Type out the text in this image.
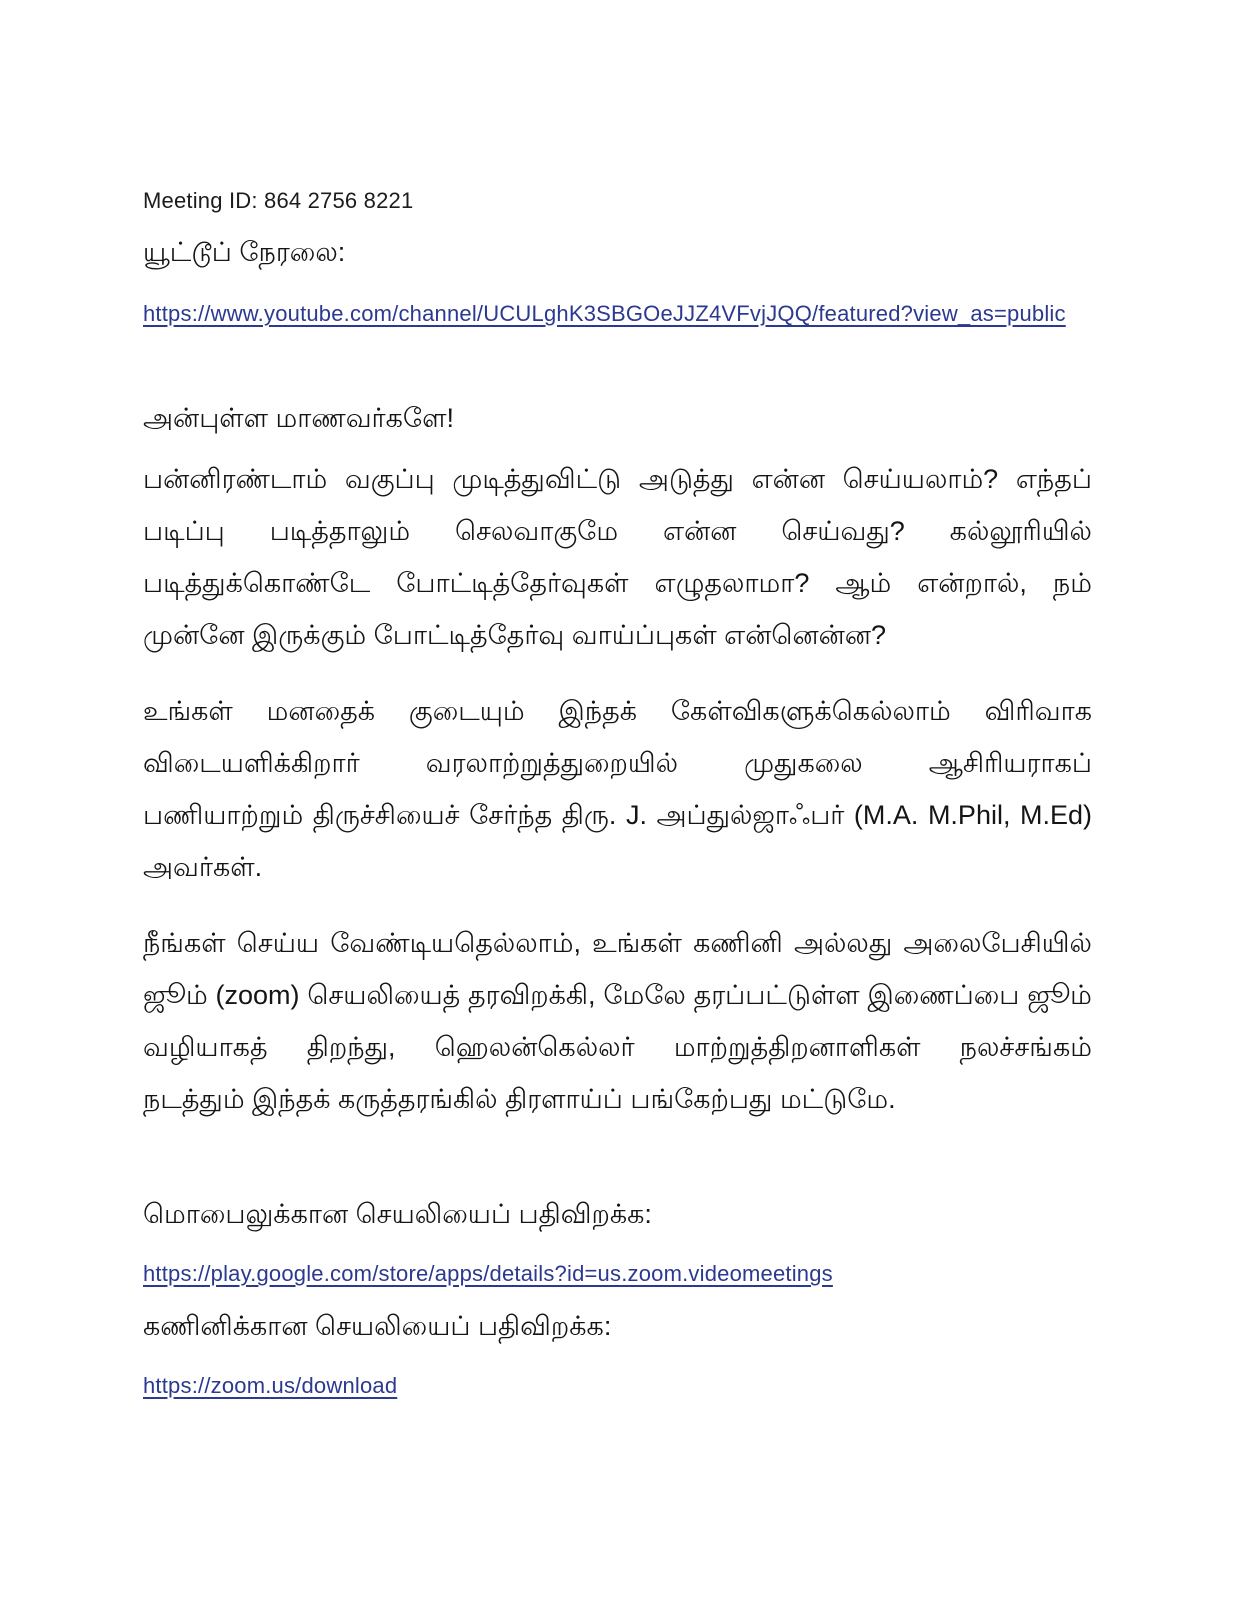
Meeting ID: 864 2756 8221
யூட்டூப் நேரலை:
https://www.youtube.com/channel/UCULghK3SBGOeJJZ4VFvjJQQ/featured?view_as=public
அன்புள்ள மாணவர்களே!
பன்னிரண்டாம் வகுப்பு முடித்துவிட்டு அடுத்து என்ன செய்யலாம்? எந்தப்
படிப்பு படித்தாலும் செலவாகுமே என்ன செய்வது? கல்லூரியில்
படித்துக்கொண்டே போட்டித்தேர்வுகள் எழுதலாமா? ஆம் என்றால், நம்
முன்னே இருக்கும் போட்டித்தேர்வு வாய்ப்புகள் என்னென்ன?
உங்கள் மனதைக் குடையும் இந்தக் கேள்விகளுக்கெல்லாம் விரிவாக
விடையளிக்கிறார் வரலாற்றுத்துறையில் முதுகலை ஆசிரியராகப்
பணியாற்றும் திருச்சியைச் சேர்ந்த திரு. J. அப்துல்ஜாஃபர் (M.A. M.Phil, M.Ed)
அவர்கள்.
நீங்கள் செய்ய வேண்டியதெல்லாம், உங்கள் கணினி அல்லது அலைபேசியில்
ஜூம் (zoom) செயலியைத் தரவிறக்கி, மேலே தரப்பட்டுள்ள இணைப்பை ஜூம்
வழியாகத் திறந்து, ஹெலன்கெல்லர் மாற்றுத்திறனாளிகள் நலச்சங்கம்
நடத்தும் இந்தக் கருத்தரங்கில் திரளாய்ப் பங்கேற்பது மட்டுமே.
மொபைலுக்கான செயலியைப் பதிவிறக்க:
https://play.google.com/store/apps/details?id=us.zoom.videomeetings
கணினிக்கான செயலியைப் பதிவிறக்க:
https://zoom.us/download
